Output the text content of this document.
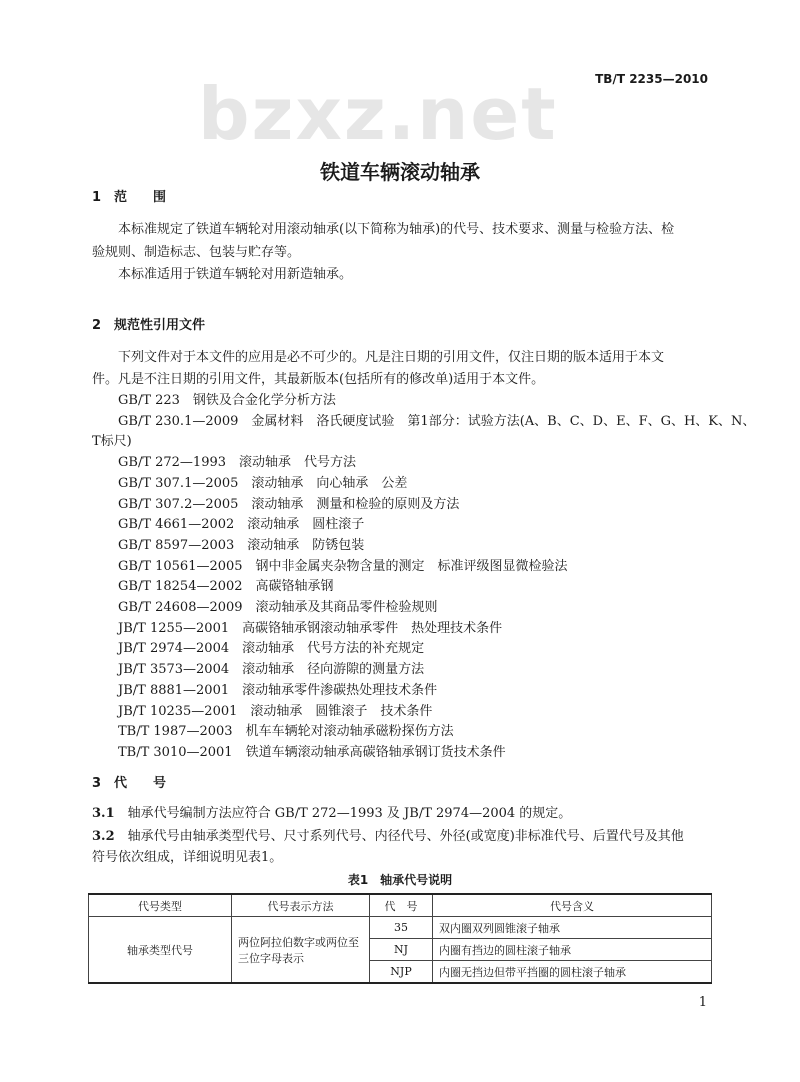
bzxz.net	TB/T 2235—2010
铁道车辆滚动轴承
1　范　　围
本标准规定了铁道车辆轮对用滚动轴承(以下简称为轴承)的代号、技术要求、测量与检验方法、检
验规则、制造标志、包装与贮存等。
本标准适用于铁道车辆轮对用新造轴承。
2　规范性引用文件
下列文件对于本文件的应用是必不可少的。凡是注日期的引用文件，仅注日期的版本适用于本文
件。凡是不注日期的引用文件，其最新版本(包括所有的修改单)适用于本文件。
GB/T 223　钢铁及合金化学分析方法
GB/T 230.1—2009　金属材料　洛氏硬度试验　第1部分：试验方法(A、B、C、D、E、F、G、H、K、N、
T标尺)
GB/T 272—1993　滚动轴承　代号方法
GB/T 307.1—2005　滚动轴承　向心轴承　公差
GB/T 307.2—2005　滚动轴承　测量和检验的原则及方法
GB/T 4661—2002　滚动轴承　圆柱滚子
GB/T 8597—2003　滚动轴承　防锈包装
GB/T 10561—2005　钢中非金属夹杂物含量的测定　标准评级图显微检验法
GB/T 18254—2002　高碳铬轴承钢
GB/T 24608—2009　滚动轴承及其商品零件检验规则
JB/T 1255—2001　高碳铬轴承钢滚动轴承零件　热处理技术条件
JB/T 2974—2004　滚动轴承　代号方法的补充规定
JB/T 3573—2004　滚动轴承　径向游隙的测量方法
JB/T 8881—2001　滚动轴承零件渗碳热处理技术条件
JB/T 10235—2001　滚动轴承　圆锥滚子　技术条件
TB/T 1987—2003　机车车辆轮对滚动轴承磁粉探伤方法
TB/T 3010—2001　铁道车辆滚动轴承高碳铬轴承钢订货技术条件
3　代　　号
3.1　 轴承代号编制方法应符合 GB/T 272—1993 及 JB/T 2974—2004 的规定。
3.2　 轴承代号由轴承类型代号、尺寸系列代号、内径代号、外径(或宽度)非标准代号、后置代号及其他
符号依次组成，详细说明见表1。
表1　轴承代号说明
代号类型	代号表示方法	代　号	代号含义
轴承类型代号	两位阿拉伯数字或两位至三位字母表示	35	双内圈双列圆锥滚子轴承
		NJ	内圈有挡边的圆柱滚子轴承
		NJP	内圈无挡边但带平挡圈的圆柱滚子轴承
1
